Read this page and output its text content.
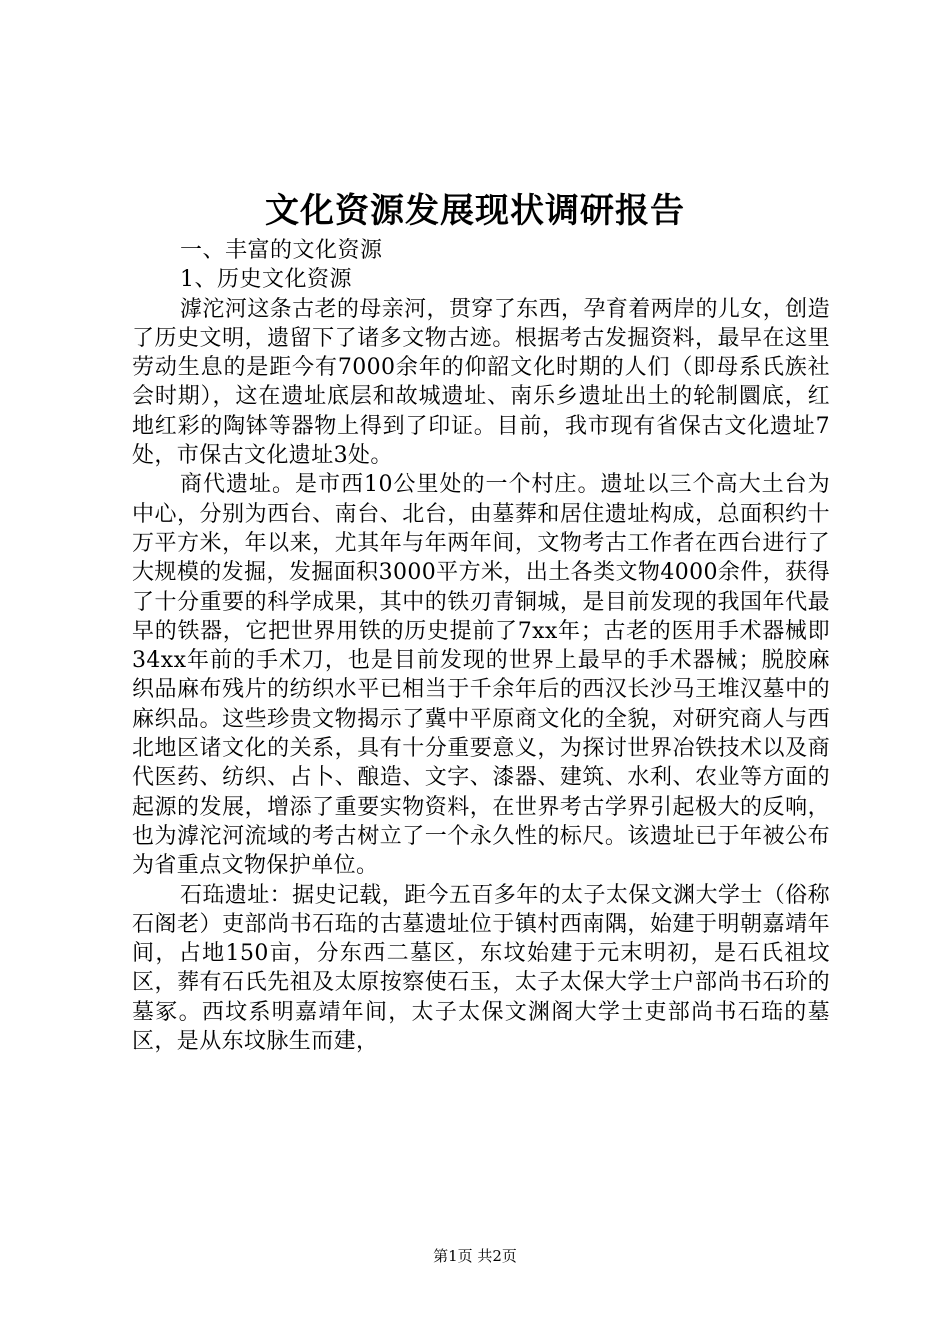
文化资源发展现状调研报告

一、丰富的文化资源

1、历史文化资源

滹沱河这条古老的母亲河，贯穿了东西，孕育着两岸的儿女，创造了历史文明，遗留下了诸多文物古迹。根据考古发掘资料，最早在这里劳动生息的是距今有7000余年的仰韶文化时期的人们（即母系氏族社会时期），这在遗址底层和故城遗址、南乐乡遗址出土的轮制圜底，红地红彩的陶钵等器物上得到了印证。目前，我市现有省保古文化遗址7处，市保古文化遗址3处。

商代遗址。是市西10公里处的一个村庄。遗址以三个高大土台为中心，分别为西台、南台、北台，由墓葬和居住遗址构成，总面积约十万平方米，年以来，尤其年与年两年间，文物考古工作者在西台进行了大规模的发掘，发掘面积3000平方米，出土各类文物4000余件，获得了十分重要的科学成果，其中的铁刃青铜城，是目前发现的我国年代最早的铁器，它把世界用铁的历史提前了7xx年；古老的医用手术器械即34xx年前的手术刀，也是目前发现的世界上最早的手术器械；脱胶麻织品麻布残片的纺织水平已相当于千余年后的西汉长沙马王堆汉墓中的麻织品。这些珍贵文物揭示了冀中平原商文化的全貌，对研究商人与西北地区诸文化的关系，具有十分重要意义，为探讨世界冶铁技术以及商代医药、纺织、占卜、酿造、文字、漆器、建筑、水利、农业等方面的起源的发展，增添了重要实物资料，在世界考古学界引起极大的反响，也为滹沱河流域的考古树立了一个永久性的标尺。该遗址已于年被公布为省重点文物保护单位。

石珤遗址：据史记载，距今五百多年的太子太保文渊大学士（俗称石阁老）吏部尚书石珤的古墓遗址位于镇村西南隅，始建于明朝嘉靖年间，占地150亩，分东西二墓区，东坟始建于元末明初，是石氏祖坟区，葬有石氏先祖及太原按察使石玉，太子太保大学士户部尚书石玠的墓冢。西坟系明嘉靖年间，太子太保文渊阁大学士吏部尚书石珤的墓区，是从东坟脉生而建，

第1页 共2页
